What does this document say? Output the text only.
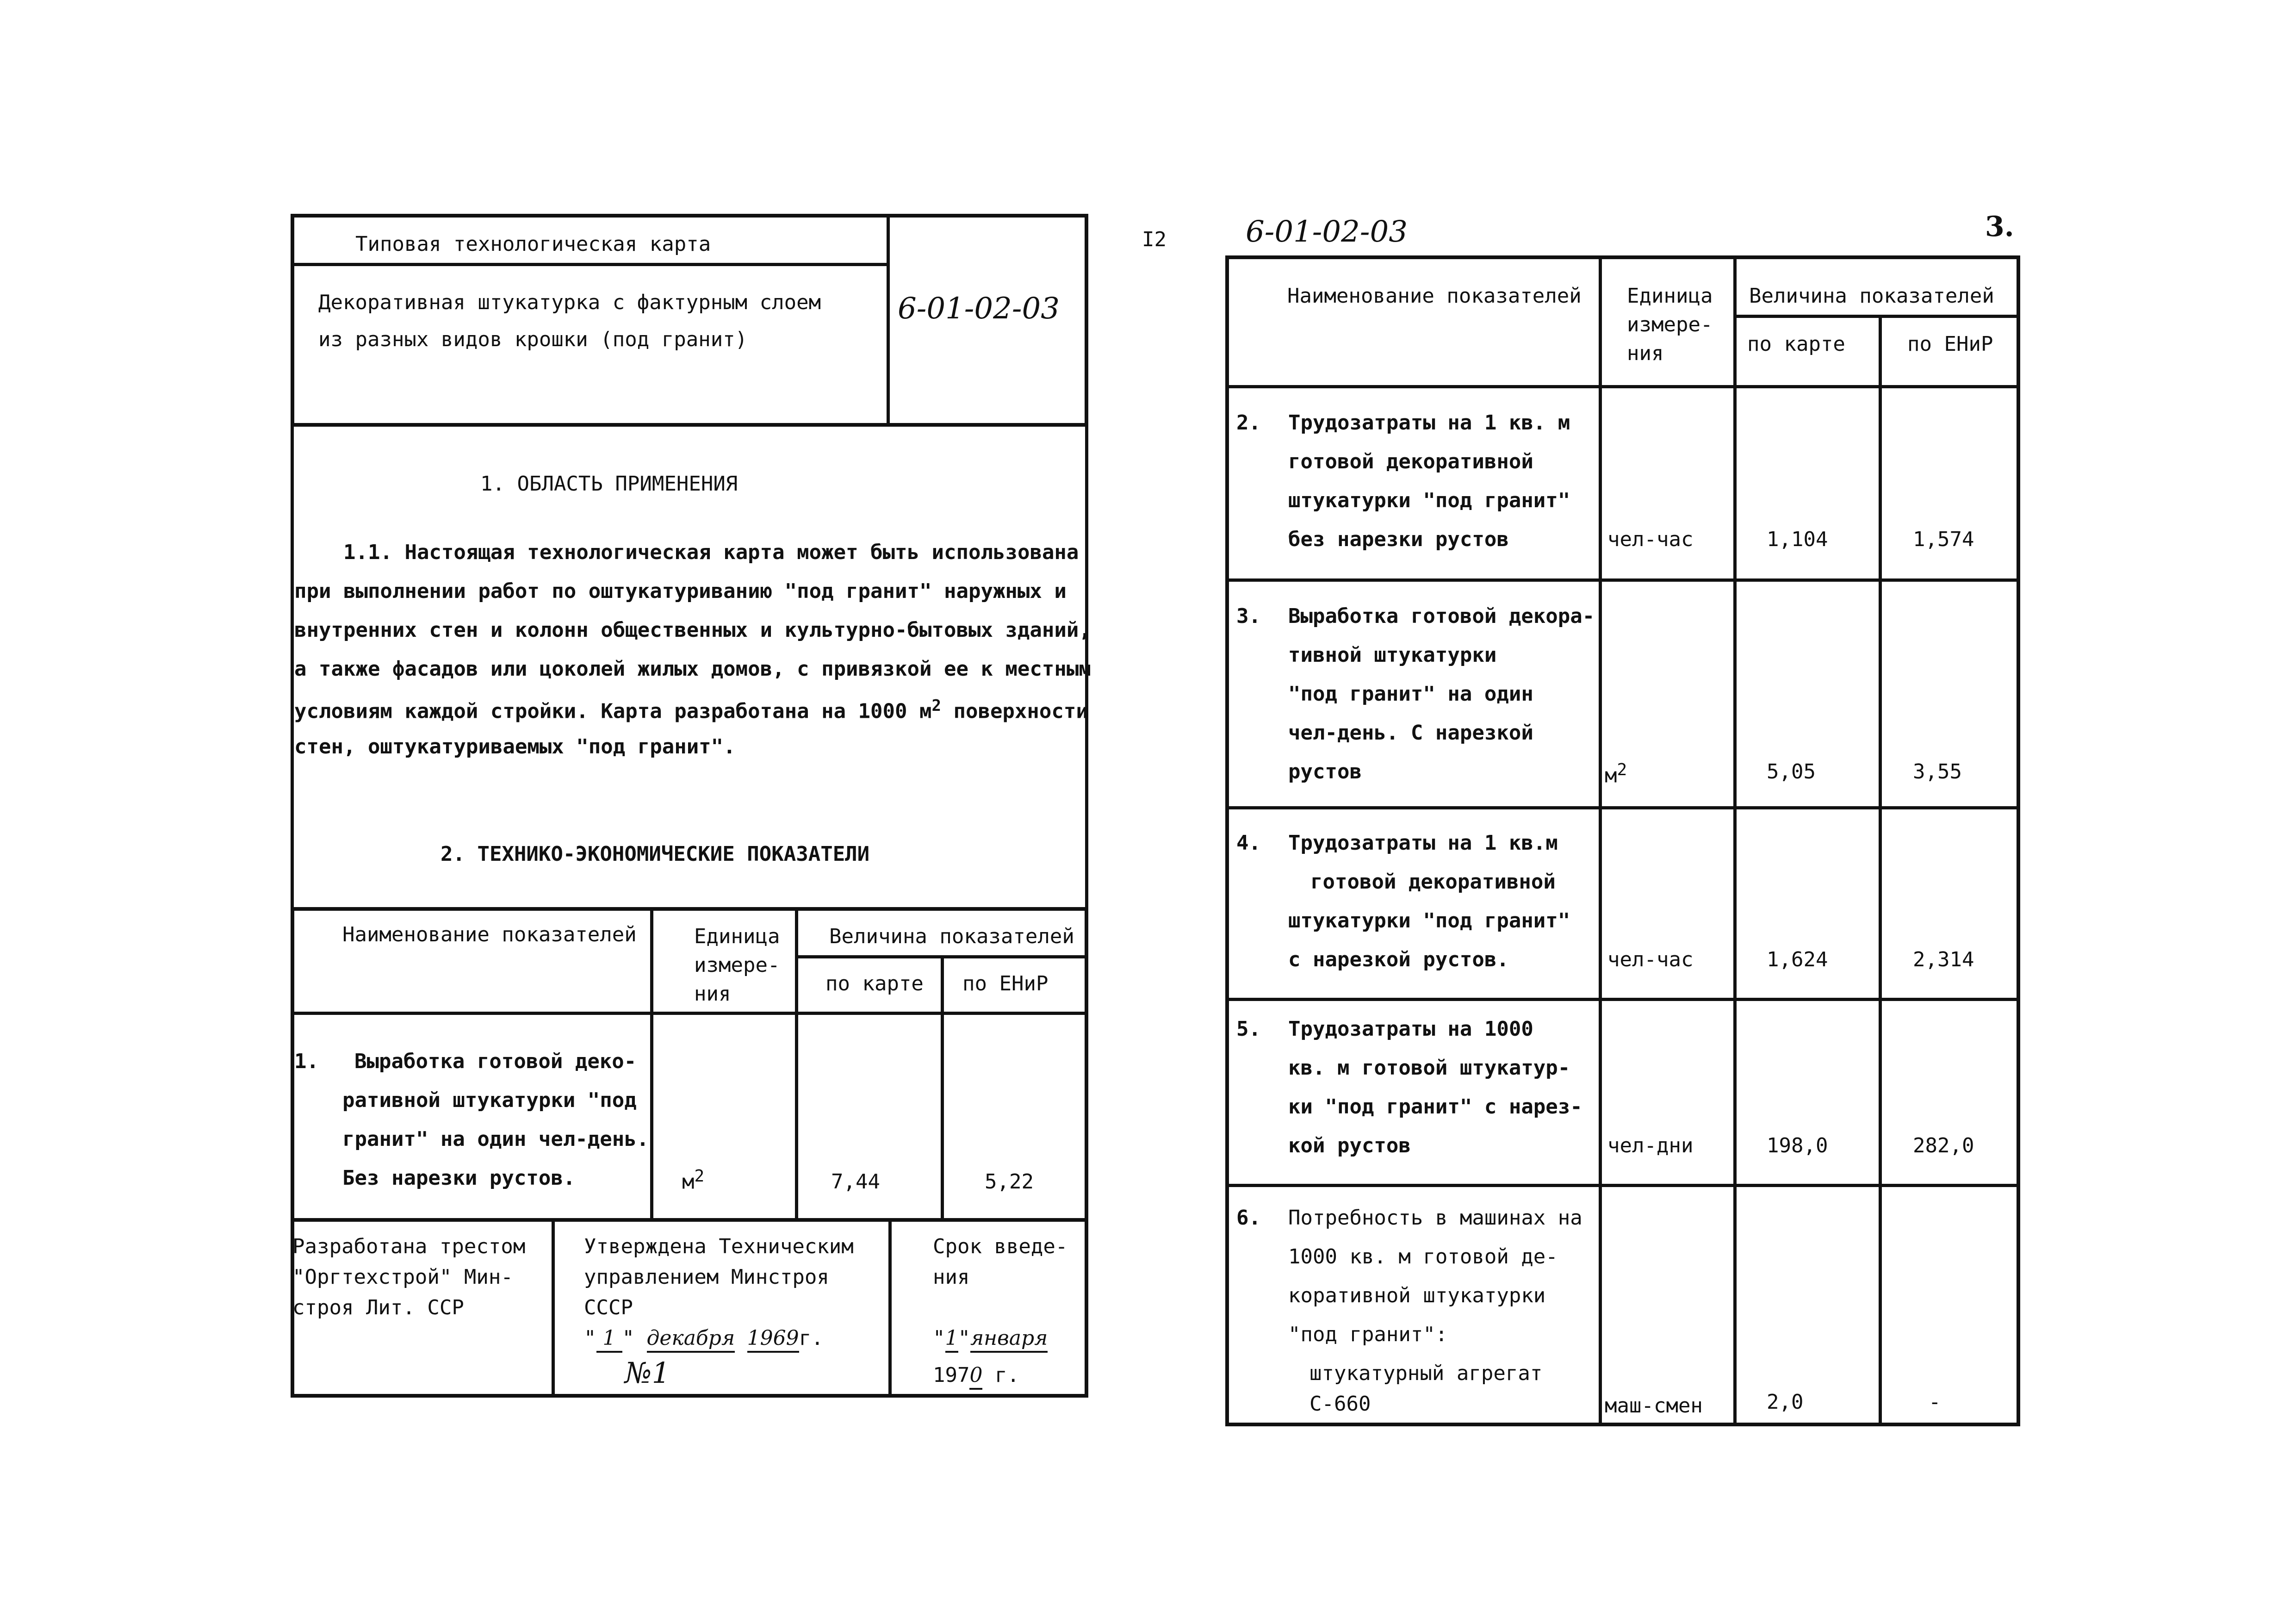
Типовая технологическая карта
Декоративная штукатурка с фактурным слоем
из разных видов крошки (под гранит)
6-01-02-03
1. ОБЛАСТЬ ПРИМЕНЕНИЯ
1.1. Настоящая технологическая карта может быть использована
при выполнении работ по оштукатуриванию "под гранит" наружных и
внутренних стен и колонн общественных и культурно-бытовых зданий,
а также фасадов или цоколей жилых домов, с привязкой ее к местным
условиям каждой стройки. Карта разработана на 1000 $м^2$ поверхности
стен, оштукатуриваемых "под гранит".
2. ТЕХНИКО-ЭКОНОМИЧЕСКИЕ ПОКАЗАТЕЛИ
Наименование показателей	Единица
измере-
ния
Величина показателей
по карте по ЕНиР
1. Выработка готовой деко-
ративной штукатурки "под
гранит" на один чел-день.
Без нарезки рустов.	$м^2$	7,44	5,22
Разработана трестом
"Оргтехстрой" Мин-
строя Лит. ССР
Утверждена Техническим
управлением Минстроя
СССР
" 1 " декабря 1969г.
№1
Срок введе-
ния
"1"января
1970 г.
I2	6-01-02-03	3.
Наименование показателей Единица
измере-
ния
Величина показателей
по карте	по ЕНиР
2. Трудозатраты на 1 кв. м
готовой декоративной
штукатурки "под гранит"
без нарезки рустов	чел-час	1,104	1,574
3. Выработка готовой декора-
тивной штукатурки
"под гранит" на один
чел-день. С нарезкой
рустов	$м^2$	5,05	3,55
4. Трудозатраты на 1 кв.м
готовой декоративной
штукатурки "под гранит"
с нарезкой рустов.	чел-час	1,624	2,314
5. Трудозатраты на 1000
кв. м готовой штукатур-
ки "под гранит" с нарез-
кой рустов	чел-дни	198,0	282,0
6. Потребность в машинах на
1000 кв. м готовой де-
коративной штукатурки
"под гранит":
штукатурный агрегат
С-660	маш-смен	2,0	-
